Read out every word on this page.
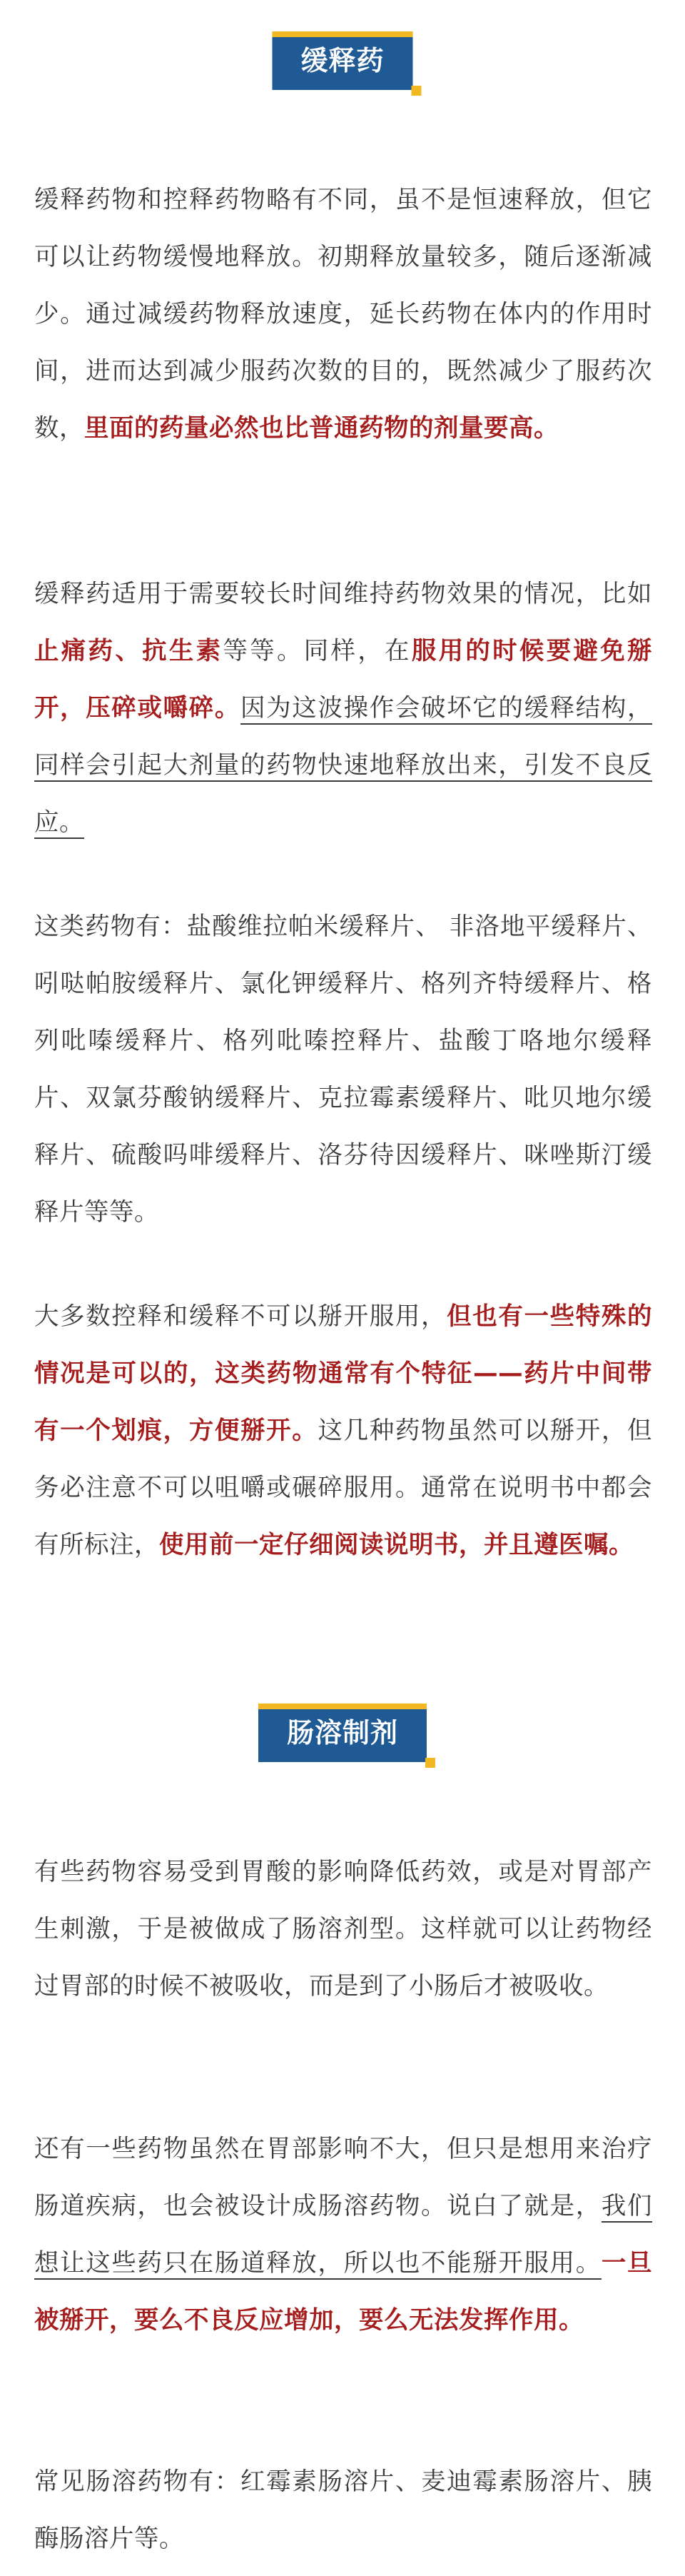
缓释药

缓释药物和控释药物略有不同，虽不是恒速释放，但它可以让药物缓慢地释放。初期释放量较多，随后逐渐减少。通过减缓药物释放速度，延长药物在体内的作用时间，进而达到减少服药次数的目的，既然减少了服药次数，里面的药量必然也比普通药物的剂量要高。

缓释药适用于需要较长时间维持药物效果的情况，比如止痛药、抗生素等等。同样，在服用的时候要避免掰开，压碎或嚼碎。因为这波操作会破坏它的缓释结构，同样会引起大剂量的药物快速地释放出来，引发不良反应。

这类药物有：盐酸维拉帕米缓释片、 非洛地平缓释片、吲哒帕胺缓释片、氯化钾缓释片、格列齐特缓释片、格列吡嗪缓释片、格列吡嗪控释片、盐酸丁咯地尔缓释片、双氯芬酸钠缓释片、克拉霉素缓释片、吡贝地尔缓释片、硫酸吗啡缓释片、洛芬待因缓释片、咪唑斯汀缓释片等等。

大多数控释和缓释不可以掰开服用，但也有一些特殊的情况是可以的，这类药物通常有个特征——药片中间带有一个划痕，方便掰开。这几种药物虽然可以掰开，但务必注意不可以咀嚼或碾碎服用。通常在说明书中都会有所标注，使用前一定仔细阅读说明书，并且遵医嘱。

肠溶制剂

有些药物容易受到胃酸的影响降低药效，或是对胃部产生刺激，于是被做成了肠溶剂型。这样就可以让药物经过胃部的时候不被吸收，而是到了小肠后才被吸收。

还有一些药物虽然在胃部影响不大，但只是想用来治疗肠道疾病，也会被设计成肠溶药物。说白了就是，我们想让这些药只在肠道释放，所以也不能掰开服用。一旦被掰开，要么不良反应增加，要么无法发挥作用。

常见肠溶药物有：红霉素肠溶片、麦迪霉素肠溶片、胰酶肠溶片等。
